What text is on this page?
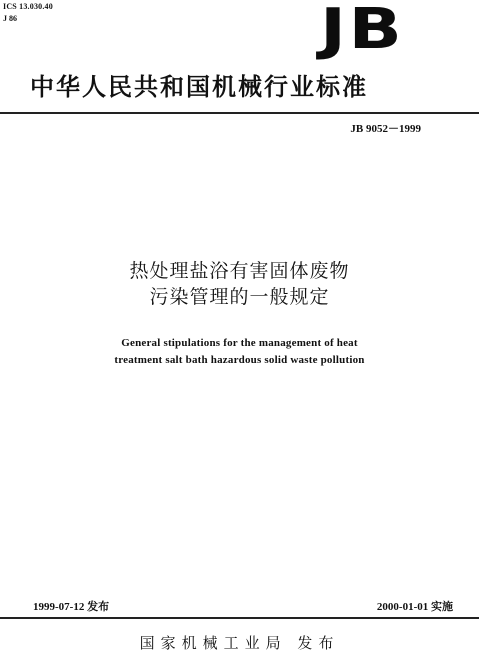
ICS 13.030.40
J 86	JB
中华人民共和国机械行业标准
JB 9052－1999
热处理盐浴有害固体废物
污染管理的一般规定
General stipulations for the management of heat
treatment salt bath hazardous solid waste pollution
1999-07-12 发布	2000-01-01 实施
国家机械工业局 发布
